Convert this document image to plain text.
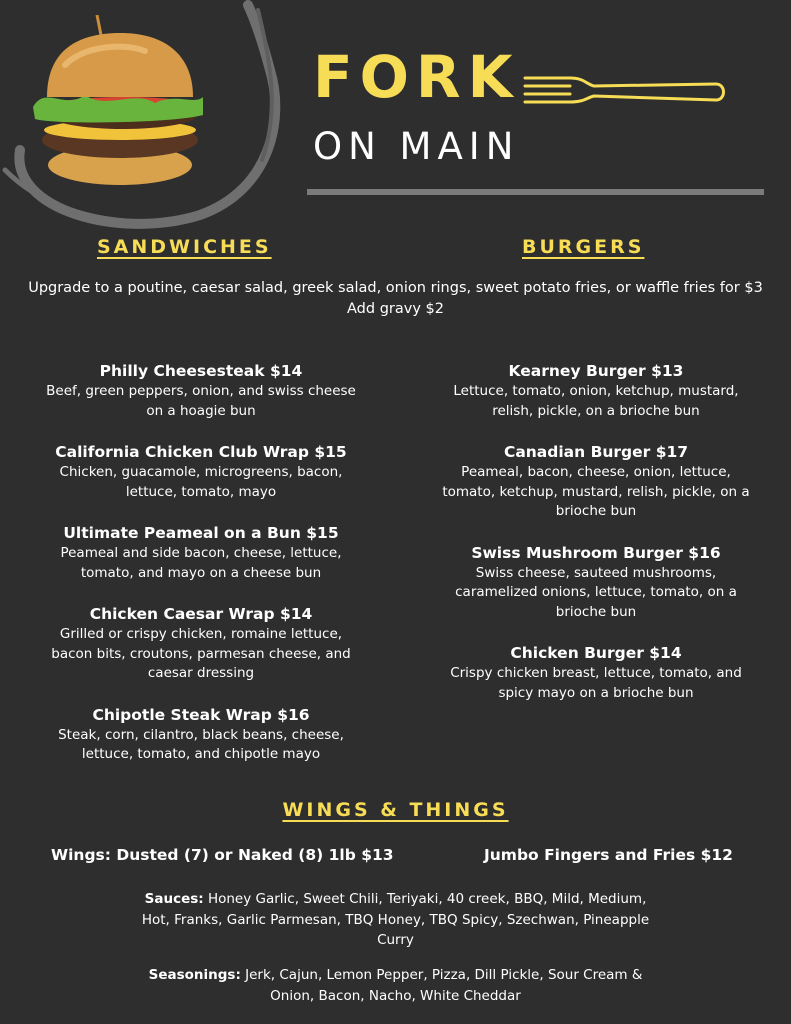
FORK
ON MAIN
SANDWICHES	BURGERS
Upgrade to a poutine, caesar salad, greek salad, onion rings, sweet potato fries, or waffle fries for $3
Add gravy $2
Philly Cheesesteak $14
Beef, green peppers, onion, and swiss cheese on a hoagie bun
California Chicken Club Wrap $15
Chicken, guacamole, microgreens, bacon, lettuce, tomato, mayo
Ultimate Peameal on a Bun $15
Peameal and side bacon, cheese, lettuce, tomato, and mayo on a cheese bun
Chicken Caesar Wrap $14
Grilled or crispy chicken, romaine lettuce, bacon bits, croutons, parmesan cheese, and caesar dressing
Chipotle Steak Wrap $16
Steak, corn, cilantro, black beans, cheese, lettuce, tomato, and chipotle mayo
Kearney Burger $13
Lettuce, tomato, onion, ketchup, mustard, relish, pickle, on a brioche bun
Canadian Burger $17
Peameal, bacon, cheese, onion, lettuce, tomato, ketchup, mustard, relish, pickle, on a brioche bun
Swiss Mushroom Burger $16
Swiss cheese, sauteed mushrooms, caramelized onions, lettuce, tomato, on a brioche bun
Chicken Burger $14
Crispy chicken breast, lettuce, tomato, and spicy mayo on a brioche bun
WINGS & THINGS
Wings: Dusted (7) or Naked (8) 1lb $13	Jumbo Fingers and Fries $12
Sauces: Honey Garlic, Sweet Chili, Teriyaki, 40 creek, BBQ, Mild, Medium, Hot, Franks, Garlic Parmesan, TBQ Honey, TBQ Spicy, Szechwan, Pineapple Curry
Seasonings: Jerk, Cajun, Lemon Pepper, Pizza, Dill Pickle, Sour Cream & Onion, Bacon, Nacho, White Cheddar
